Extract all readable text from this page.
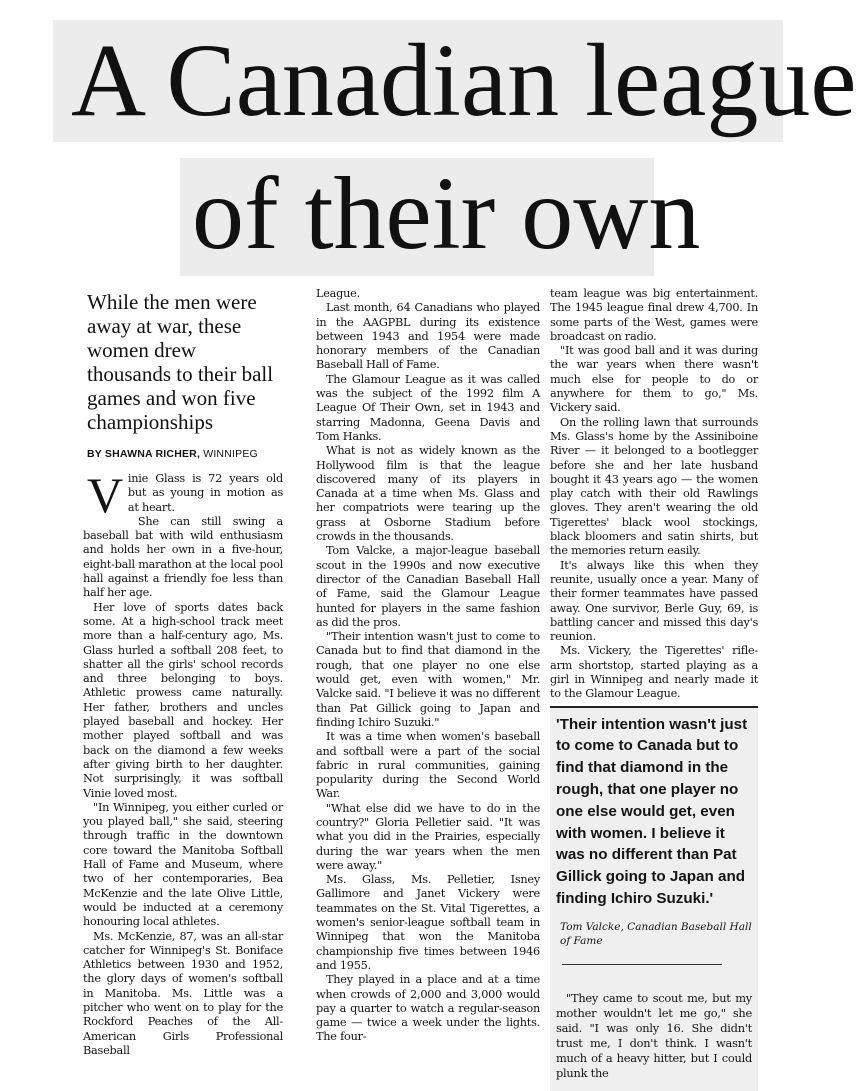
A Canadian league
of their own
While the men were away at war, these women drew thousands to their ball games and won five championships
BY SHAWNA RICHER, WINNIPEG

Vinie Glass is 72 years old but as young in motion as at heart.

She can still swing a baseball bat with wild enthusiasm and holds her own in a five-hour, eight-ball marathon at the local pool hall against a friendly foe less than half her age.

Her love of sports dates back some. At a high-school track meet more than a half-century ago, Ms. Glass hurled a softball 208 feet, to shatter all the girls' school records and three belonging to boys. Athletic prowess came naturally. Her father, brothers and uncles played baseball and hockey. Her mother played softball and was back on the diamond a few weeks after giving birth to her daughter. Not surprisingly, it was softball Vinie loved most.

"In Winnipeg, you either curled or you played ball," she said, steering through traffic in the downtown core toward the Manitoba Softball Hall of Fame and Museum, where two of her contemporaries, Bea McKenzie and the late Olive Little, would be inducted at a ceremony honouring local athletes.

Ms. McKenzie, 87, was an all-star catcher for Winnipeg's St. Boniface Athletics between 1930 and 1952, the glory days of women's softball in Manitoba. Ms. Little was a pitcher who went on to play for the Rockford Peaches of the All-American Girls Professional Baseball

League.

Last month, 64 Canadians who played in the AAGPBL during its existence between 1943 and 1954 were made honorary members of the Canadian Baseball Hall of Fame.

The Glamour League as it was called was the subject of the 1992 film A League Of Their Own, set in 1943 and starring Madonna, Geena Davis and Tom Hanks.

What is not as widely known as the Hollywood film is that the league discovered many of its players in Canada at a time when Ms. Glass and her compatriots were tearing up the grass at Osborne Stadium before crowds in the thousands.

Tom Valcke, a major-league baseball scout in the 1990s and now executive director of the Canadian Baseball Hall of Fame, said the Glamour League hunted for players in the same fashion as did the pros.

"Their intention wasn't just to come to Canada but to find that diamond in the rough, that one player no one else would get, even with women," Mr. Valcke said. "I believe it was no different than Pat Gillick going to Japan and finding Ichiro Suzuki."

It was a time when women's baseball and softball were a part of the social fabric in rural communities, gaining popularity during the Second World War.

"What else did we have to do in the country?" Gloria Pelletier said. "It was what you did in the Prairies, especially during the war years when the men were away."

Ms. Glass, Ms. Pelletier, Isney Gallimore and Janet Vickery were teammates on the St. Vital Tigerettes, a women's senior-league softball team in Winnipeg that won the Manitoba championship five times between 1946 and 1955.

They played in a place and at a time when crowds of 2,000 and 3,000 would pay a quarter to watch a regular-season game — twice a week under the lights. The four-

team league was big entertainment. The 1945 league final drew 4,700. In some parts of the West, games were broadcast on radio.

"It was good ball and it was during the war years when there wasn't much else for people to do or anywhere for them to go," Ms. Vickery said.

On the rolling lawn that surrounds Ms. Glass's home by the Assiniboine River — it belonged to a bootlegger before she and her late husband bought it 43 years ago — the women play catch with their old Rawlings gloves. They aren't wearing the old Tigerettes' black wool stockings, black bloomers and satin shirts, but the memories return easily.

It's always like this when they reunite, usually once a year. Many of their former teammates have passed away. One survivor, Berle Guy, 69, is battling cancer and missed this day's reunion.

Ms. Vickery, the Tigerettes' rifle-arm shortstop, started playing as a girl in Winnipeg and nearly made it to the Glamour League.

'Their intention wasn't just to come to Canada but to find that diamond in the rough, that one player no one else would get, even with women. I believe it was no different than Pat Gillick going to Japan and finding Ichiro Suzuki.'
Tom Valcke, Canadian Baseball Hall of Fame

"They came to scout me, but my mother wouldn't let me go," she said. "I was only 16. She didn't trust me, I don't think. I wasn't much of a heavy hitter, but I could plunk the
